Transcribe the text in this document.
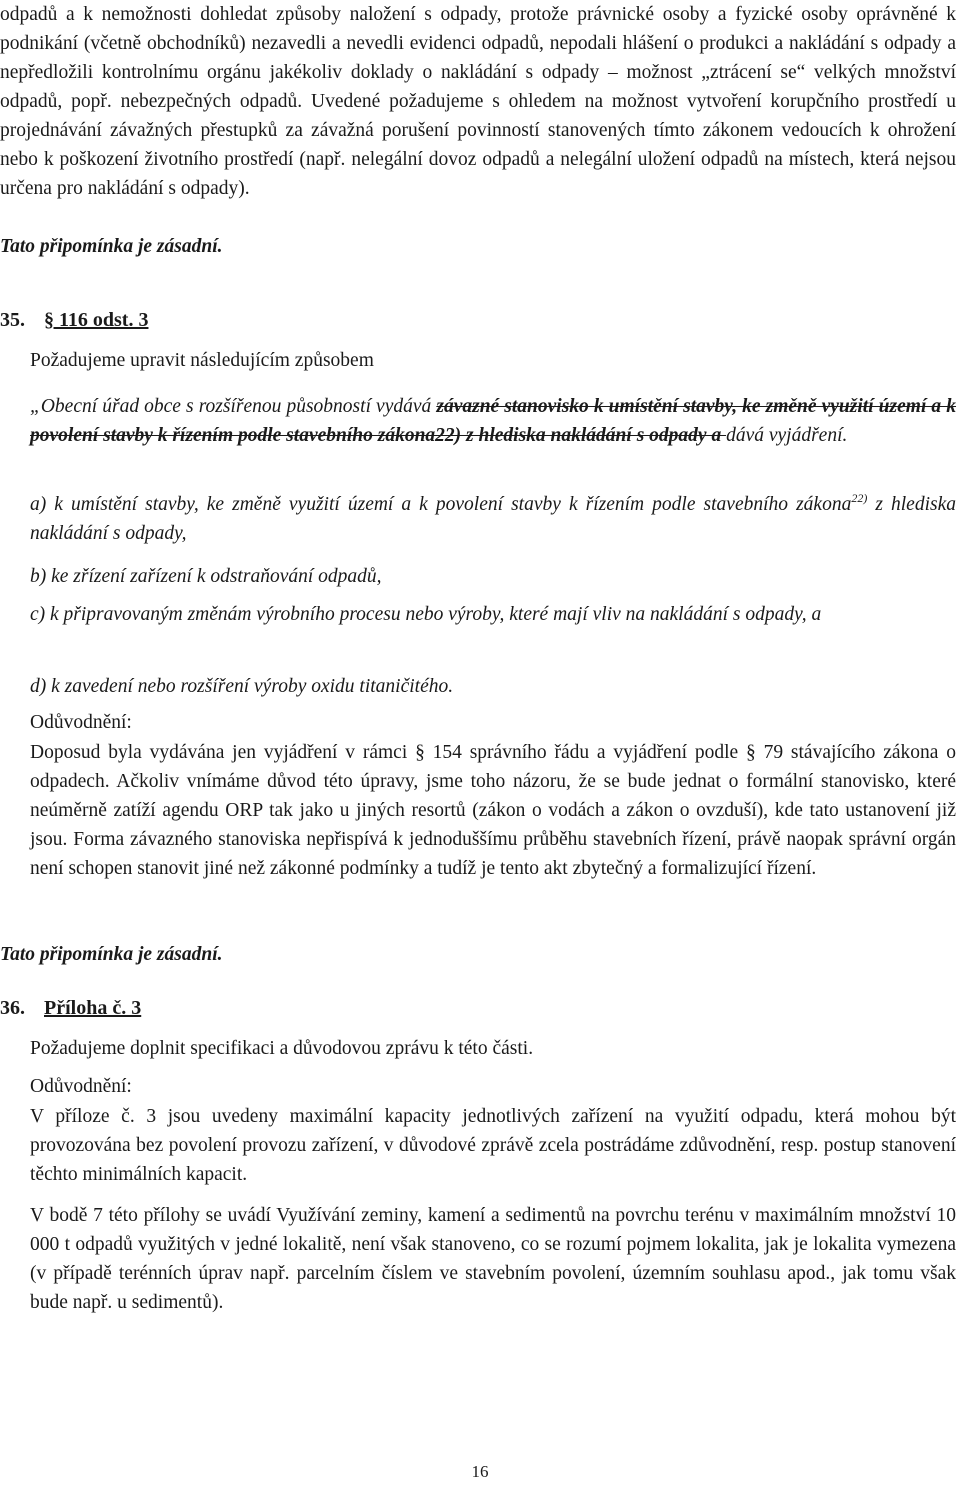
odpadů a k nemožnosti dohledat způsoby naložení s odpady, protože právnické osoby a fyzické osoby oprávněné k podnikání (včetně obchodníků) nezavedli a nevedli evidenci odpadů, nepodali hlášení o produkci a nakládání s odpady a nepředložili kontrolnímu orgánu jakékoliv doklady o nakládání s odpady – možnost „ztrácení se“ velkých množství odpadů, popř. nebezpečných odpadů. Uvedené požadujeme s ohledem na možnost vytvoření korupčního prostředí u projednávání závažných přestupků za závažná porušení povinností stanovených tímto zákonem vedoucích k ohrožení nebo k poškození životního prostředí (např. nelegální dovoz odpadů a nelegální uložení odpadů na místech, která nejsou určena pro nakládání s odpady).

Tato připomínka je zásadní.

35. § 116 odst. 3

Požadujeme upravit následujícím způsobem

„Obecní úřad obce s rozšířenou působností vydává závazné stanovisko k umístění stavby, ke změně využití území a k povolení stavby k řízením podle stavebního zákona22) z hlediska nakládání s odpady a dává vyjádření.

a) k umístění stavby, ke změně využití území a k povolení stavby k řízením podle stavebního zákona$^{22)}$ z hlediska nakládání s odpady,

b) ke zřízení zařízení k odstraňování odpadů,

c) k připravovaným změnám výrobního procesu nebo výroby, které mají vliv na nakládání s odpady, a

d) k zavedení nebo rozšíření výroby oxidu titaničitého.

Odůvodnění:

Doposud byla vydávána jen vyjádření v rámci § 154 správního řádu a vyjádření podle § 79 stávajícího zákona o odpadech. Ačkoliv vnímáme důvod této úpravy, jsme toho názoru, že se bude jednat o formální stanovisko, které neúměrně zatíží agendu ORP tak jako u jiných resortů (zákon o vodách a zákon o ovzduší), kde tato ustanovení již jsou. Forma závazného stanoviska nepřispívá k jednoduššímu průběhu stavebních řízení, právě naopak správní orgán není schopen stanovit jiné než zákonné podmínky a tudíž je tento akt zbytečný a formalizující řízení.

Tato připomínka je zásadní.

36. Příloha č. 3

Požadujeme doplnit specifikaci a důvodovou zprávu k této části.

Odůvodnění:

V příloze č. 3 jsou uvedeny maximální kapacity jednotlivých zařízení na využití odpadu, která mohou být provozována bez povolení provozu zařízení, v důvodové zprávě zcela postrádáme zdůvodnění, resp. postup stanovení těchto minimálních kapacit.

V bodě 7 této přílohy se uvádí Využívání zeminy, kamení a sedimentů na povrchu terénu v maximálním množství 10 000 t odpadů využitých v jedné lokalitě, není však stanoveno, co se rozumí pojmem lokalita, jak je lokalita vymezena (v případě terénních úprav např. parcelním číslem ve stavebním povolení, územním souhlasu apod., jak tomu však bude např. u sedimentů).

16
